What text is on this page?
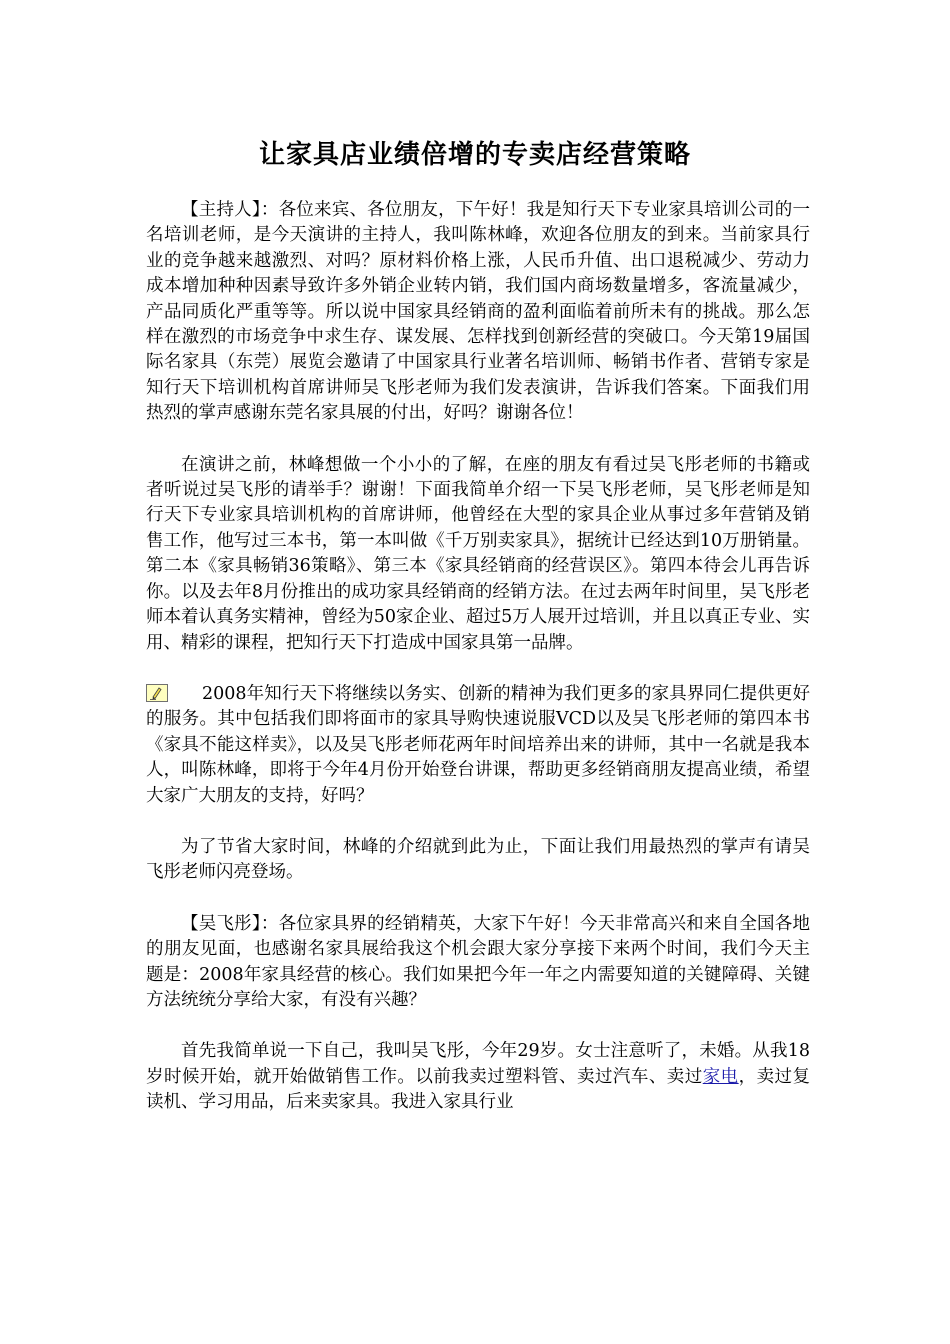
让家具店业绩倍增的专卖店经营策略

【主持人】：各位来宾、各位朋友，下午好！我是知行天下专业家具培训公司的一名培训老师，是今天演讲的主持人，我叫陈林峰，欢迎各位朋友的到来。当前家具行业的竞争越来越激烈、对吗？原材料价格上涨，人民币升值、出口退税减少、劳动力成本增加种种因素导致许多外销企业转内销，我们国内商场数量增多，客流量减少，产品同质化严重等等。所以说中国家具经销商的盈利面临着前所未有的挑战。那么怎样在激烈的市场竞争中求生存、谋发展、怎样找到创新经营的突破口。今天第19届国际名家具（东莞）展览会邀请了中国家具行业著名培训师、畅销书作者、营销专家是知行天下培训机构首席讲师吴飞彤老师为我们发表演讲，告诉我们答案。下面我们用热烈的掌声感谢东莞名家具展的付出，好吗？谢谢各位！

在演讲之前，林峰想做一个小小的了解，在座的朋友有看过吴飞彤老师的书籍或者听说过吴飞彤的请举手？谢谢！下面我简单介绍一下吴飞彤老师，吴飞彤老师是知行天下专业家具培训机构的首席讲师，他曾经在大型的家具企业从事过多年营销及销售工作，他写过三本书，第一本叫做《千万别卖家具》，据统计已经达到10万册销量。第二本《家具畅销36策略》、第三本《家具经销商的经营误区》。第四本待会儿再告诉你。以及去年8月份推出的成功家具经销商的经销方法。在过去两年时间里，吴飞彤老师本着认真务实精神，曾经为50家企业、超过5万人展开过培训，并且以真正专业、实用、精彩的课程，把知行天下打造成中国家具第一品牌。

2008年知行天下将继续以务实、创新的精神为我们更多的家具界同仁提供更好的服务。其中包括我们即将面市的家具导购快速说服VCD以及吴飞彤老师的第四本书《家具不能这样卖》，以及吴飞彤老师花两年时间培养出来的讲师，其中一名就是我本人，叫陈林峰，即将于今年4月份开始登台讲课，帮助更多经销商朋友提高业绩，希望大家广大朋友的支持，好吗？

为了节省大家时间，林峰的介绍就到此为止，下面让我们用最热烈的掌声有请吴飞彤老师闪亮登场。

【吴飞彤】：各位家具界的经销精英，大家下午好！今天非常高兴和来自全国各地的朋友见面，也感谢名家具展给我这个机会跟大家分享接下来两个时间，我们今天主题是：2008年家具经营的核心。我们如果把今年一年之内需要知道的关键障碍、关键方法统统分享给大家，有没有兴趣？

首先我简单说一下自己，我叫吴飞彤，今年29岁。女士注意听了，未婚。从我18岁时候开始，就开始做销售工作。以前我卖过塑料管、卖过汽车、卖过家电，卖过复读机、学习用品，后来卖家具。我进入家具行业
